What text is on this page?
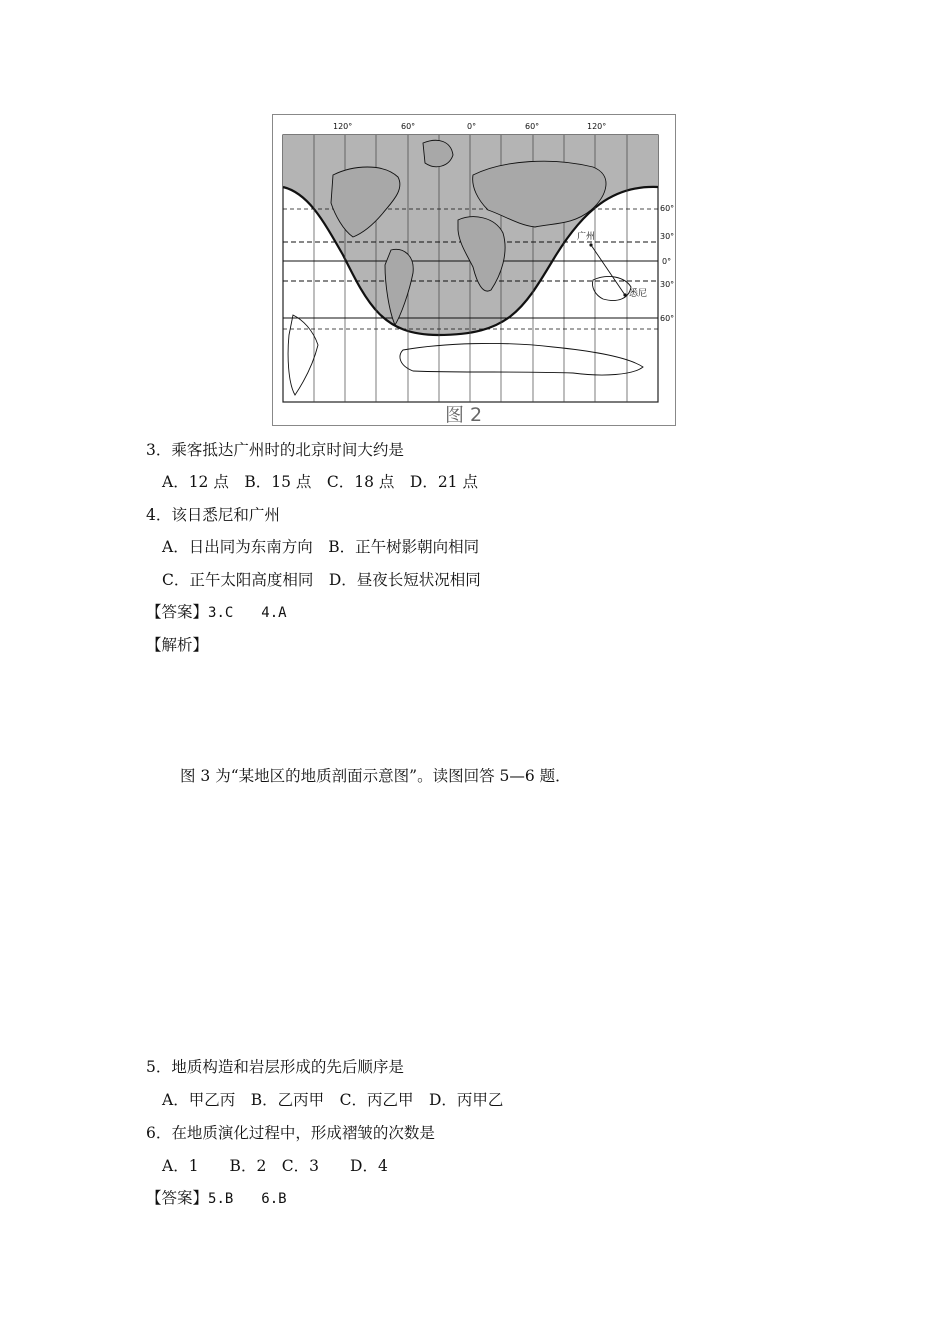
120°	60°	0°	60°	120°
60°
30°
0°
30°
60°
广州
悉尼
图 2
3．乘客抵达广州时的北京时间大约是
A．12 点　B．15 点　C．18 点　D．21 点
4．该日悉尼和广州
A．日出同为东南方向　B．正午树影朝向相同
C．正午太阳高度相同　D．昼夜长短状况相同
【答案】3.C　　4.A
【解析】
图 3 为“某地区的地质剖面示意图”。读图回答 5—6 题．
5．地质构造和岩层形成的先后顺序是
A．甲乙丙　B．乙丙甲　C．丙乙甲　D．丙甲乙
6．在地质演化过程中，形成褶皱的次数是
A．1　　B．2　C．3　　D．4
【答案】5.B　　6.B
